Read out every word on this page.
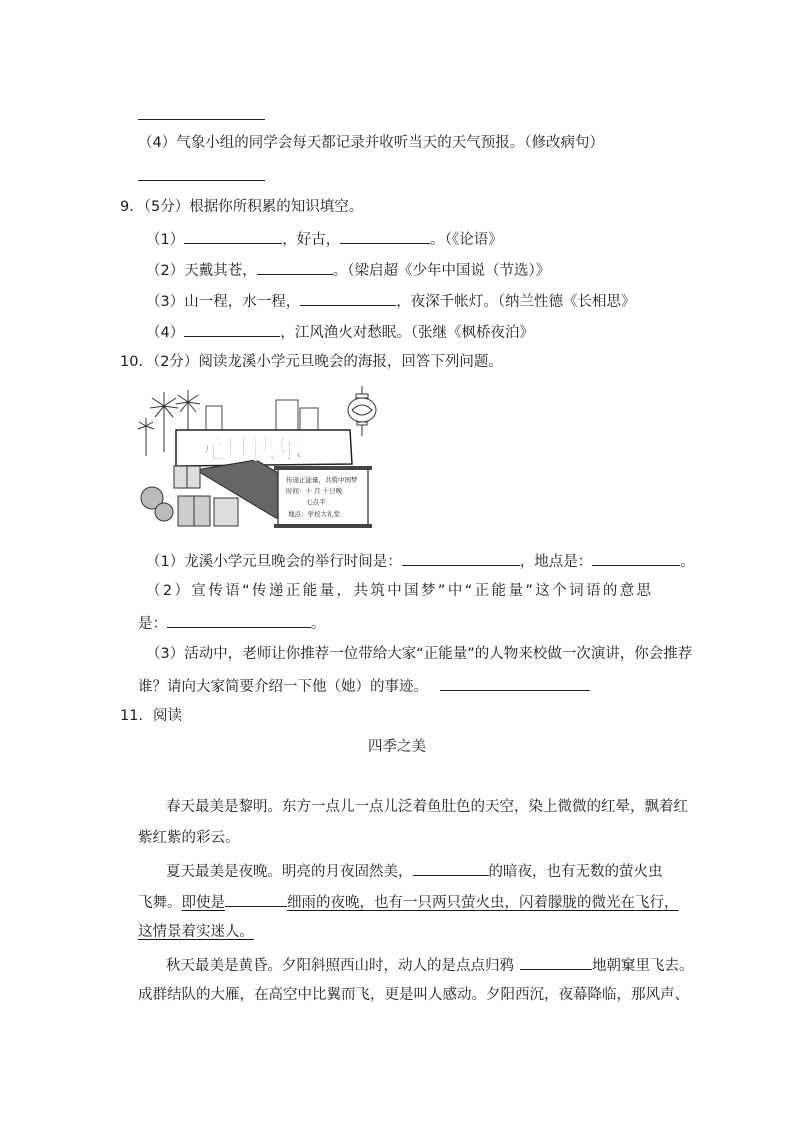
（4）气象小组的同学会每天都记录并收听当天的天气预报。（修改病句）
9．（5分）根据你所积累的知识填空。
（1）	，好古，	。（《论语》
（2）天戴其苍，	。（梁启超《少年中国说（节选）》
（3）山一程，水一程，	，夜深千帐灯。（纳兰性德《长相思》
（4）	，江风渔火对愁眠。（张继《枫桥夜泊》
10．（2分）阅读龙溪小学元旦晚会的海报，回答下列问题。
元旦快乐
传递正能量，共筑中国梦
时间：十 月 十日晚
七点半
地点：学校大礼堂
（1）龙溪小学元旦晚会的举行时间是：	，地点是：	。
（2）宣传语“传递正能量，共筑中国梦”中“正能量”这个词语的意思
是：	。
（3）活动中，老师让你推荐一位带给大家“正能量”的人物来校做一次演讲，你会推荐
谁？请向大家简要介绍一下他（她）的事迹。
11．阅读
四季之美
春天最美是黎明。东方一点儿一点儿泛着鱼肚色的天空，染上微微的红晕，飘着红
紫红紫的彩云。
夏天最美是夜晚。明亮的月夜固然美，	的暗夜，也有无数的萤火虫
飞舞。即使是	细雨的夜晚，也有一只两只萤火虫，闪着朦胧的微光在飞行，
这情景着实迷人。
秋天最美是黄昏。夕阳斜照西山时，动人的是点点归鸦	地朝窠里飞去。
成群结队的大雁，在高空中比翼而飞，更是叫人感动。夕阳西沉，夜幕降临，那风声、
